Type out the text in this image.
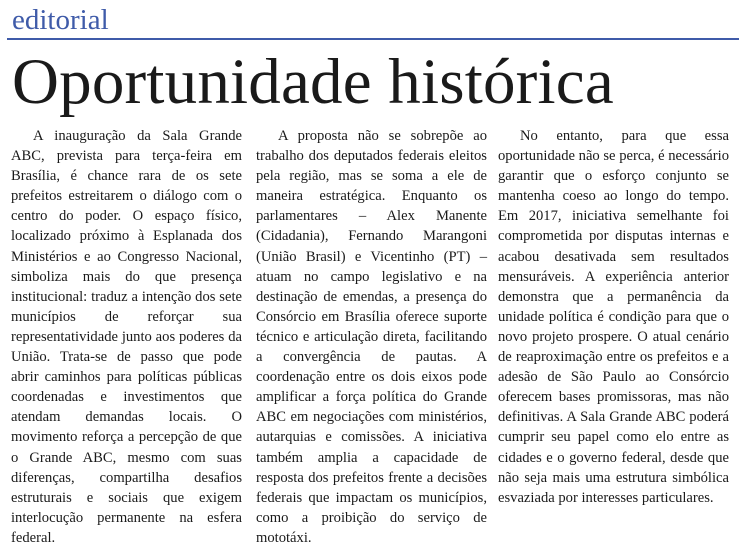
editorial
Oportunidade histórica

A inauguração da Sala Grande ABC, prevista para terça-feira em Brasília, é chance rara de os sete prefeitos estreitarem o diálogo com o centro do poder. O espaço físico, localizado próximo à Esplanada dos Ministérios e ao Congresso Nacional, simboliza mais do que presença institucional: traduz a intenção dos sete municípios de reforçar sua representatividade junto aos poderes da União. Trata-se de passo que pode abrir caminhos para políticas públicas coordenadas e investimentos que atendam demandas locais. O movimento reforça a percepção de que o Grande ABC, mesmo com suas diferenças, compartilha desafios estruturais e sociais que exigem interlocução permanente na esfera federal.

A proposta não se sobrepõe ao trabalho dos deputados federais eleitos pela região, mas se soma a ele de maneira estratégica. Enquanto os parlamentares – Alex Manente (Cidadania), Fernando Marangoni (União Brasil) e Vicentinho (PT) – atuam no campo legislativo e na destinação de emendas, a presença do Consórcio em Brasília oferece suporte técnico e articulação direta, facilitando a convergência de pautas. A coordenação entre os dois eixos pode amplificar a força política do Grande ABC em negociações com ministérios, autarquias e comissões. A iniciativa também amplia a capacidade de resposta dos prefeitos frente a decisões federais que impactam os municípios, como a proibição do serviço de mototáxi.

No entanto, para que essa oportunidade não se perca, é necessário garantir que o esforço conjunto se mantenha coeso ao longo do tempo. Em 2017, iniciativa semelhante foi comprometida por disputas internas e acabou desativada sem resultados mensuráveis. A experiência anterior demonstra que a permanência da unidade política é condição para que o novo projeto prospere. O atual cenário de reaproximação entre os prefeitos e a adesão de São Paulo ao Consórcio oferecem bases promissoras, mas não definitivas. A Sala Grande ABC poderá cumprir seu papel como elo entre as cidades e o governo federal, desde que não seja mais uma estrutura simbólica esvaziada por interesses particulares.
